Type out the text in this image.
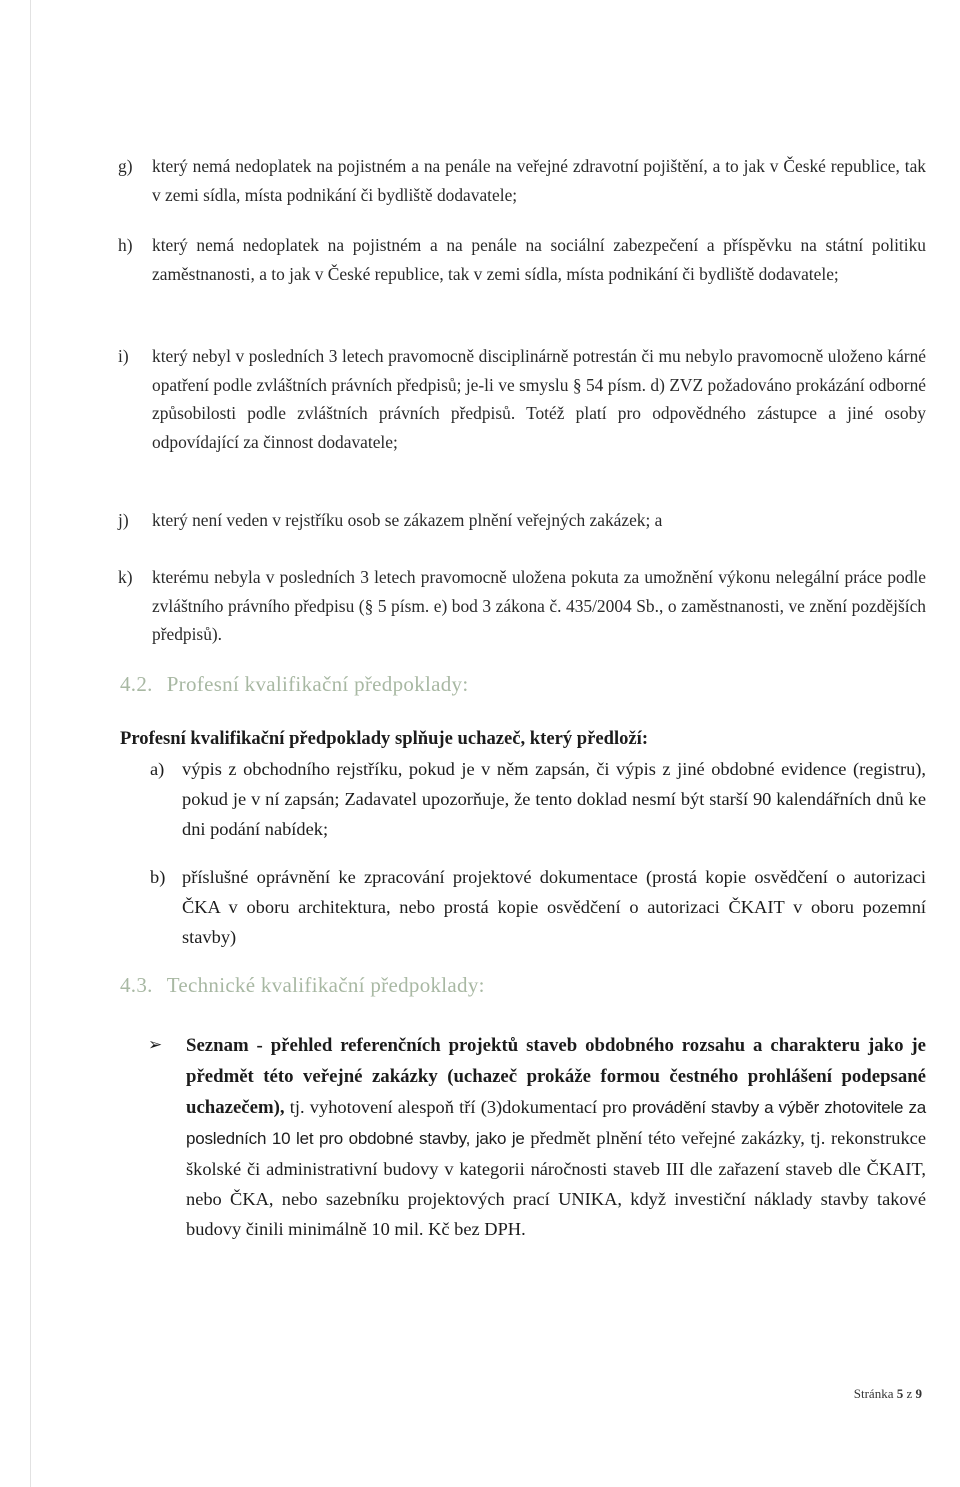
g) který nemá nedoplatek na pojistném a na penále na veřejné zdravotní pojištění, a to jak v České republice, tak v zemi sídla, místa podnikání či bydliště dodavatele;
h) který nemá nedoplatek na pojistném a na penále na sociální zabezpečení a příspěvku na státní politiku zaměstnanosti, a to jak v České republice, tak v zemi sídla, místa podnikání či bydliště dodavatele;
i) který nebyl v posledních 3 letech pravomocně disciplinárně potrestán či mu nebylo pravomocně uloženo kárné opatření podle zvláštních právních předpisů; je-li ve smyslu § 54 písm. d) ZVZ požadováno prokázání odborné způsobilosti podle zvláštních právních předpisů. Totéž platí pro odpovědného zástupce a jiné osoby odpovídající za činnost dodavatele;
j) který není veden v rejstříku osob se zákazem plnění veřejných zakázek; a
k) kterému nebyla v posledních 3 letech pravomocně uložena pokuta za umožnění výkonu nelegální práce podle zvláštního právního předpisu (§ 5 písm. e) bod 3 zákona č. 435/2004 Sb., o zaměstnanosti, ve znění pozdějších předpisů).
4.2. Profesní kvalifikační předpoklady:
Profesní kvalifikační předpoklady splňuje uchazeč, který předloží:
a) výpis z obchodního rejstříku, pokud je v něm zapsán, či výpis z jiné obdobné evidence (registru), pokud je v ní zapsán; Zadavatel upozorňuje, že tento doklad nesmí být starší 90 kalendářních dnů ke dni podání nabídek;
b) příslušné oprávnění ke zpracování projektové dokumentace (prostá kopie osvědčení o autorizaci ČKA v oboru architektura, nebo prostá kopie osvědčení o autorizaci ČKAIT v oboru pozemní stavby)
4.3. Technické kvalifikační předpoklady:
➢ Seznam - přehled referenčních projektů staveb obdobného rozsahu a charakteru jako je předmět této veřejné zakázky (uchazeč prokáže formou čestného prohlášení podepsané uchazečem), tj. vyhotovení alespoň tří (3)dokumentací pro provádění stavby a výběr zhotovitele za posledních 10 let pro obdobné stavby, jako je předmět plnění této veřejné zakázky, tj. rekonstrukce školské či administrativní budovy v kategorii náročnosti staveb III dle zařazení staveb dle ČKAIT, nebo ČKA, nebo sazebníku projektových prací UNIKA, když investiční náklady stavby takové budovy činili minimálně 10 mil. Kč bez DPH.
Stránka 5 z 9
